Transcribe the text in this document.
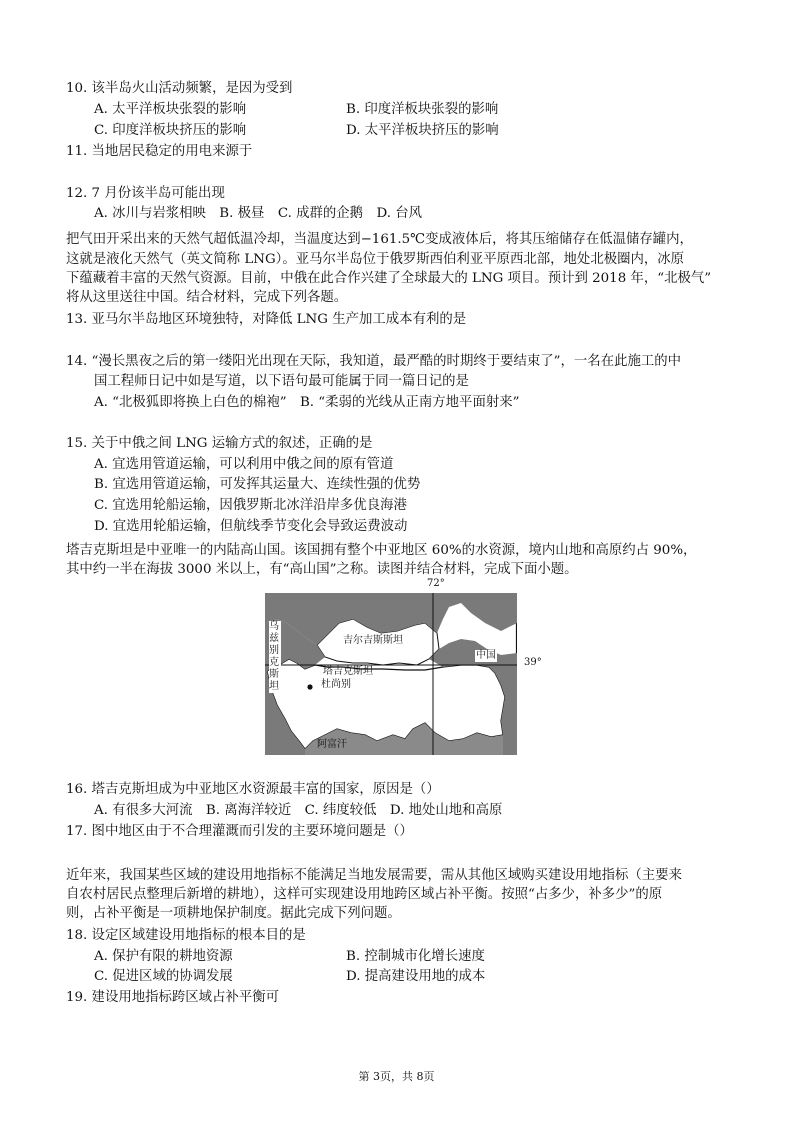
10. 该半岛火山活动频繁，是因为受到
A. 太平洋板块张裂的影响	B. 印度洋板块张裂的影响
C. 印度洋板块挤压的影响	D. 太平洋板块挤压的影响
11. 当地居民稳定的用电来源于
12. 7 月份该半岛可能出现
A. 冰川与岩浆相映　B. 极昼　C. 成群的企鹅　D. 台风
把气田开采出来的天然气超低温冷却，当温度达到−161.5℃变成液体后，将其压缩储存在低温储存罐内，
这就是液化天然气（英文简称 LNG）。亚马尔半岛位于俄罗斯西伯利亚平原西北部，地处北极圈内，冰原
下蕴藏着丰富的天然气资源。目前，中俄在此合作兴建了全球最大的 LNG 项目。预计到 2018 年，“北极气”
将从这里送往中国。结合材料，完成下列各题。
13. 亚马尔半岛地区环境独特，对降低 LNG 生产加工成本有利的是
14. “漫长黑夜之后的第一缕阳光出现在天际，我知道，最严酷的时期终于要结束了”，一名在此施工的中
国工程师日记中如是写道，以下语句最可能属于同一篇日记的是
A. “北极狐即将换上白色的棉袍”　B. “柔弱的光线从正南方地平面射来”
15. 关于中俄之间 LNG 运输方式的叙述，正确的是
A. 宜选用管道运输，可以利用中俄之间的原有管道
B. 宜选用管道运输，可发挥其运量大、连续性强的优势
C. 宜选用轮船运输，因俄罗斯北冰洋沿岸多优良海港
D. 宜选用轮船运输，但航线季节变化会导致运费波动
塔吉克斯坦是中亚唯一的内陆高山国。该国拥有整个中亚地区 60%的水资源，境内山地和高原约占 90%，
其中约一半在海拔 3000 米以上，有“高山国”之称。读图并结合材料，完成下面小题。
72°
39°
乌兹别克斯坦
吉尔吉斯斯坦
中国
塔吉克斯坦
杜尚别
阿富汗
16. 塔吉克斯坦成为中亚地区水资源最丰富的国家，原因是（）
A. 有很多大河流　B. 离海洋较近　C. 纬度较低　D. 地处山地和高原
17. 图中地区由于不合理灌溉而引发的主要环境问题是（）
近年来，我国某些区域的建设用地指标不能满足当地发展需要，需从其他区域购买建设用地指标（主要来
自农村居民点整理后新增的耕地），这样可实现建设用地跨区域占补平衡。按照“占多少，补多少”的原
则，占补平衡是一项耕地保护制度。据此完成下列问题。
18. 设定区域建设用地指标的根本目的是
A. 保护有限的耕地资源	B. 控制城市化增长速度
C. 促进区域的协调发展	D. 提高建设用地的成本
19. 建设用地指标跨区域占补平衡可
第 3页，共 8页
